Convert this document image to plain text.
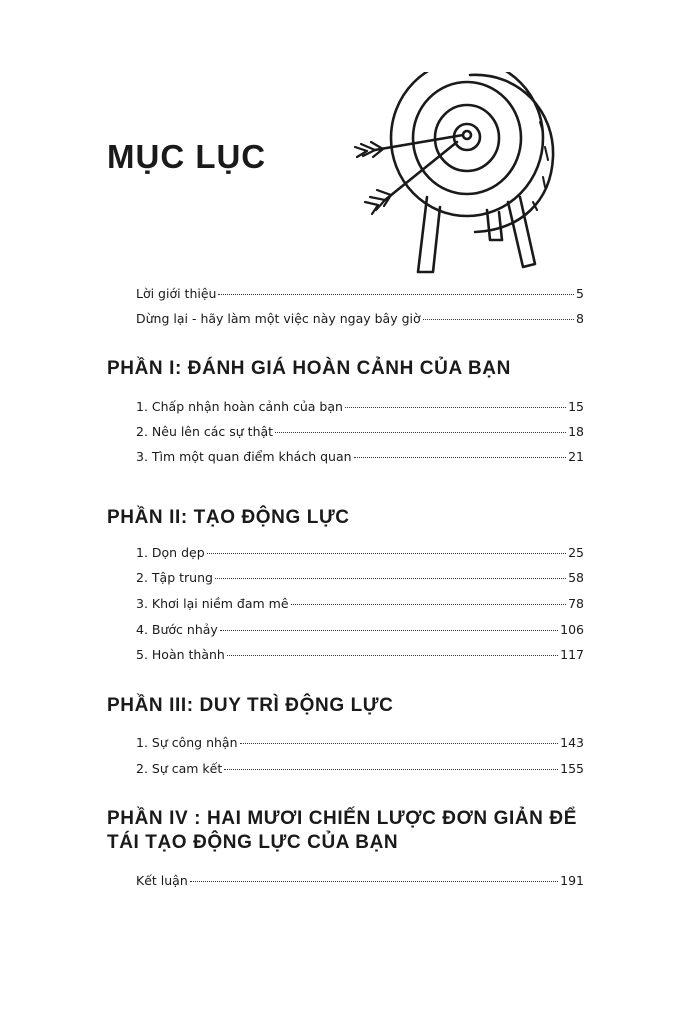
MỤC LỤC
Lời giới thiệu	5
Dừng lại - hãy làm một việc này ngay bây giờ	8
PHẦN I: ĐÁNH GIÁ HOÀN CẢNH CỦA BẠN
1. Chấp nhận hoàn cảnh của bạn	15
2. Nêu lên các sự thật	18
3. Tìm một quan điểm khách quan	21
PHẦN II: TẠO ĐỘNG LỰC
1. Dọn dẹp	25
2. Tập trung	58
3. Khơi lại niềm đam mê	78
4. Bước nhảy	106
5. Hoàn thành	117
PHẦN III: DUY TRÌ ĐỘNG LỰC
1. Sự công nhận	143
2. Sự cam kết	155
PHẦN IV : HAI MƯƠI CHIẾN LƯỢC ĐƠN GIẢN ĐỂ
TÁI TẠO ĐỘNG LỰC CỦA BẠN
Kết luận	191
